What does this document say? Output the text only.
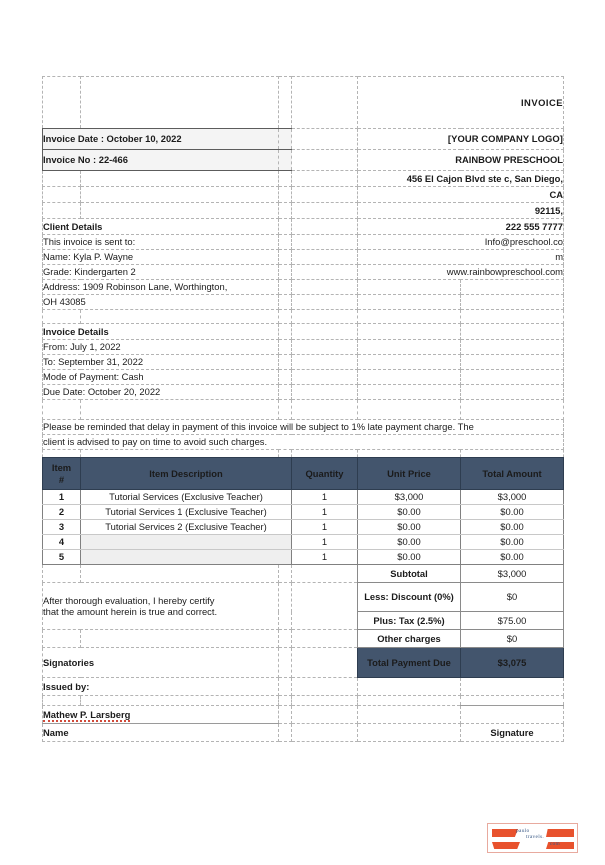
				INVOICE	
Invoice Date : October 10, 2022				[YOUR COMPANY LOGO]	
Invoice No : 22-466				RAINBOW PRESCHOOL	
				456 El Cajon Blvd ste c, San Diego,	
				CA	
				92115,	
Client Details				222 555 7777	
This invoice is sent to:				Info@preschool.co	
Name: Kyla P. Wayne				m	
Grade: Kindergarten 2				www.rainbowpreschool.com	
Address: 1909 Robinson Lane, Worthington,					
OH 43085					

Invoice Details					
From: July 1, 2022					
To: September 31, 2022					
Mode of Payment: Cash					
Due Date: October 20, 2022					

Please be reminded that delay in payment of this invoice will be subject to 1% late payment charge. The					
client is advised to pay on time to avoid such charges.					

Item
#	Item Description		Quantity	Unit Price	Total Amount
1	Tutorial Services (Exclusive Teacher)		1	$3,000	$3,000
2	Tutorial Services 1 (Exclusive Teacher)		1	$0.00	$0.00
3	Tutorial Services 2 (Exclusive Teacher)		1	$0.00	$0.00
4			1	$0.00	$0.00
5			1	$0.00	$0.00
				Subtotal	$3,000
After thorough evaluation, I hereby certify
that the amount herein is true and correct.				Less: Discount (0%)	$0
				Plus: Tax (2.5%)	$75.00
				Other charges	$0
Signatories				Total Payment Due	$3,075
Issued by:					

Mathew P. Larsberg					
Name					Signature
paulo
travels.
com
